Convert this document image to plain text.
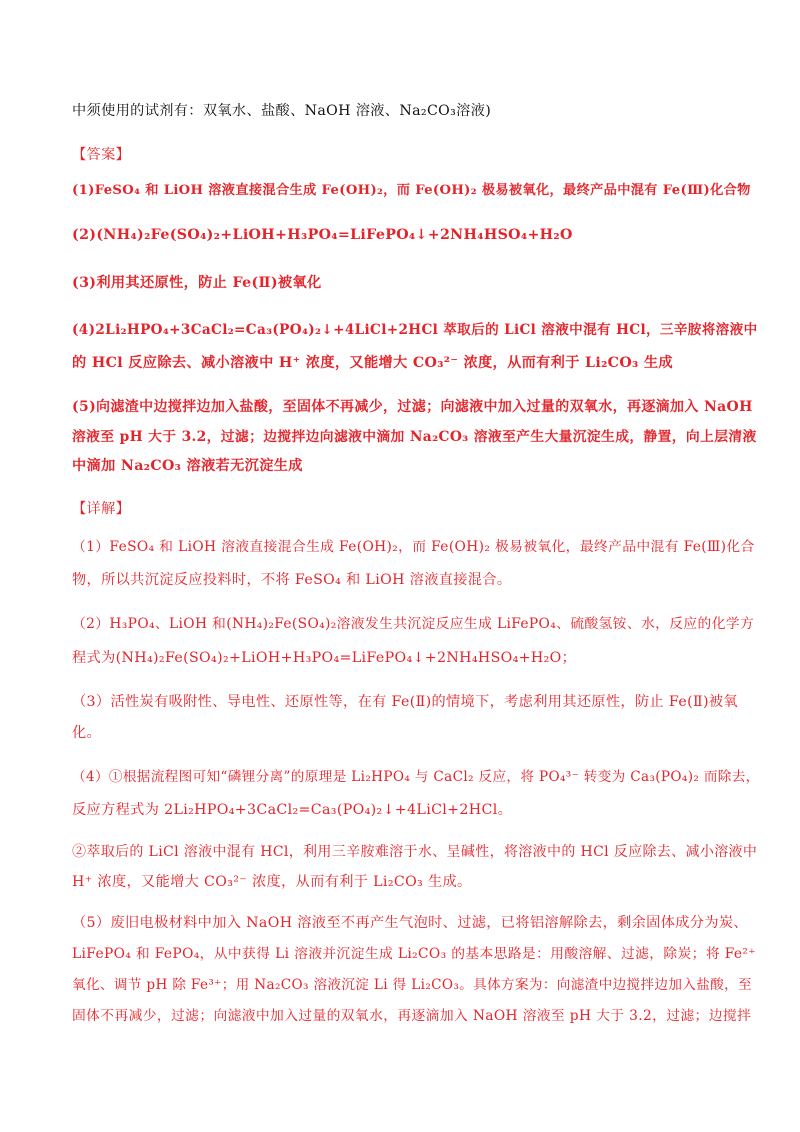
中须使用的试剂有：双氧水、盐酸、NaOH 溶液、Na₂CO₃溶液)
【答案】
(1)FeSO₄ 和 LiOH 溶液直接混合生成 Fe(OH)₂，而 Fe(OH)₂ 极易被氧化，最终产品中混有 Fe(Ⅲ)化合物
(2)(NH₄)₂Fe(SO₄)₂+LiOH+H₃PO₄=LiFePO₄↓+2NH₄HSO₄+H₂O
(3)利用其还原性，防止 Fe(Ⅱ)被氧化
(4)2Li₂HPO₄+3CaCl₂=Ca₃(PO₄)₂↓+4LiCl+2HCl 萃取后的 LiCl 溶液中混有 HCl，三辛胺将溶液中
的 HCl 反应除去、减小溶液中 H⁺ 浓度，又能增大 CO₃²⁻ 浓度，从而有利于 Li₂CO₃ 生成
(5)向滤渣中边搅拌边加入盐酸，至固体不再减少，过滤；向滤液中加入过量的双氧水，再逐滴加入 NaOH
溶液至 pH 大于 3.2，过滤；边搅拌边向滤液中滴加 Na₂CO₃ 溶液至产生大量沉淀生成，静置，向上层清液
中滴加 Na₂CO₃ 溶液若无沉淀生成
【详解】
（1）FeSO₄ 和 LiOH 溶液直接混合生成 Fe(OH)₂，而 Fe(OH)₂ 极易被氧化，最终产品中混有 Fe(Ⅲ)化合
物，所以共沉淀反应投料时，不将 FeSO₄ 和 LiOH 溶液直接混合。
（2）H₃PO₄、LiOH 和(NH₄)₂Fe(SO₄)₂溶液发生共沉淀反应生成 LiFePO₄、硫酸氢铵、水，反应的化学方
程式为(NH₄)₂Fe(SO₄)₂+LiOH+H₃PO₄=LiFePO₄↓+2NH₄HSO₄+H₂O；
（3）活性炭有吸附性、导电性、还原性等，在有 Fe(Ⅱ)的情境下，考虑利用其还原性，防止 Fe(Ⅱ)被氧
化。
（4）①根据流程图可知“磷锂分离”的原理是 Li₂HPO₄ 与 CaCl₂ 反应，将 PO₄³⁻ 转变为 Ca₃(PO₄)₂ 而除去，
反应方程式为 2Li₂HPO₄+3CaCl₂=Ca₃(PO₄)₂↓+4LiCl+2HCl。
②萃取后的 LiCl 溶液中混有 HCl，利用三辛胺难溶于水、呈碱性，将溶液中的 HCl 反应除去、减小溶液中
H⁺ 浓度，又能增大 CO₃²⁻ 浓度，从而有利于 Li₂CO₃ 生成。
（5）废旧电极材料中加入 NaOH 溶液至不再产生气泡时、过滤，已将铝溶解除去，剩余固体成分为炭、
LiFePO₄ 和 FePO₄，从中获得 Li 溶液并沉淀生成 Li₂CO₃ 的基本思路是：用酸溶解、过滤，除炭；将 Fe²⁺
氧化、调节 pH 除 Fe³⁺；用 Na₂CO₃ 溶液沉淀 Li 得 Li₂CO₃。具体方案为：向滤渣中边搅拌边加入盐酸，至
固体不再减少，过滤；向滤液中加入过量的双氧水，再逐滴加入 NaOH 溶液至 pH 大于 3.2，过滤；边搅拌
